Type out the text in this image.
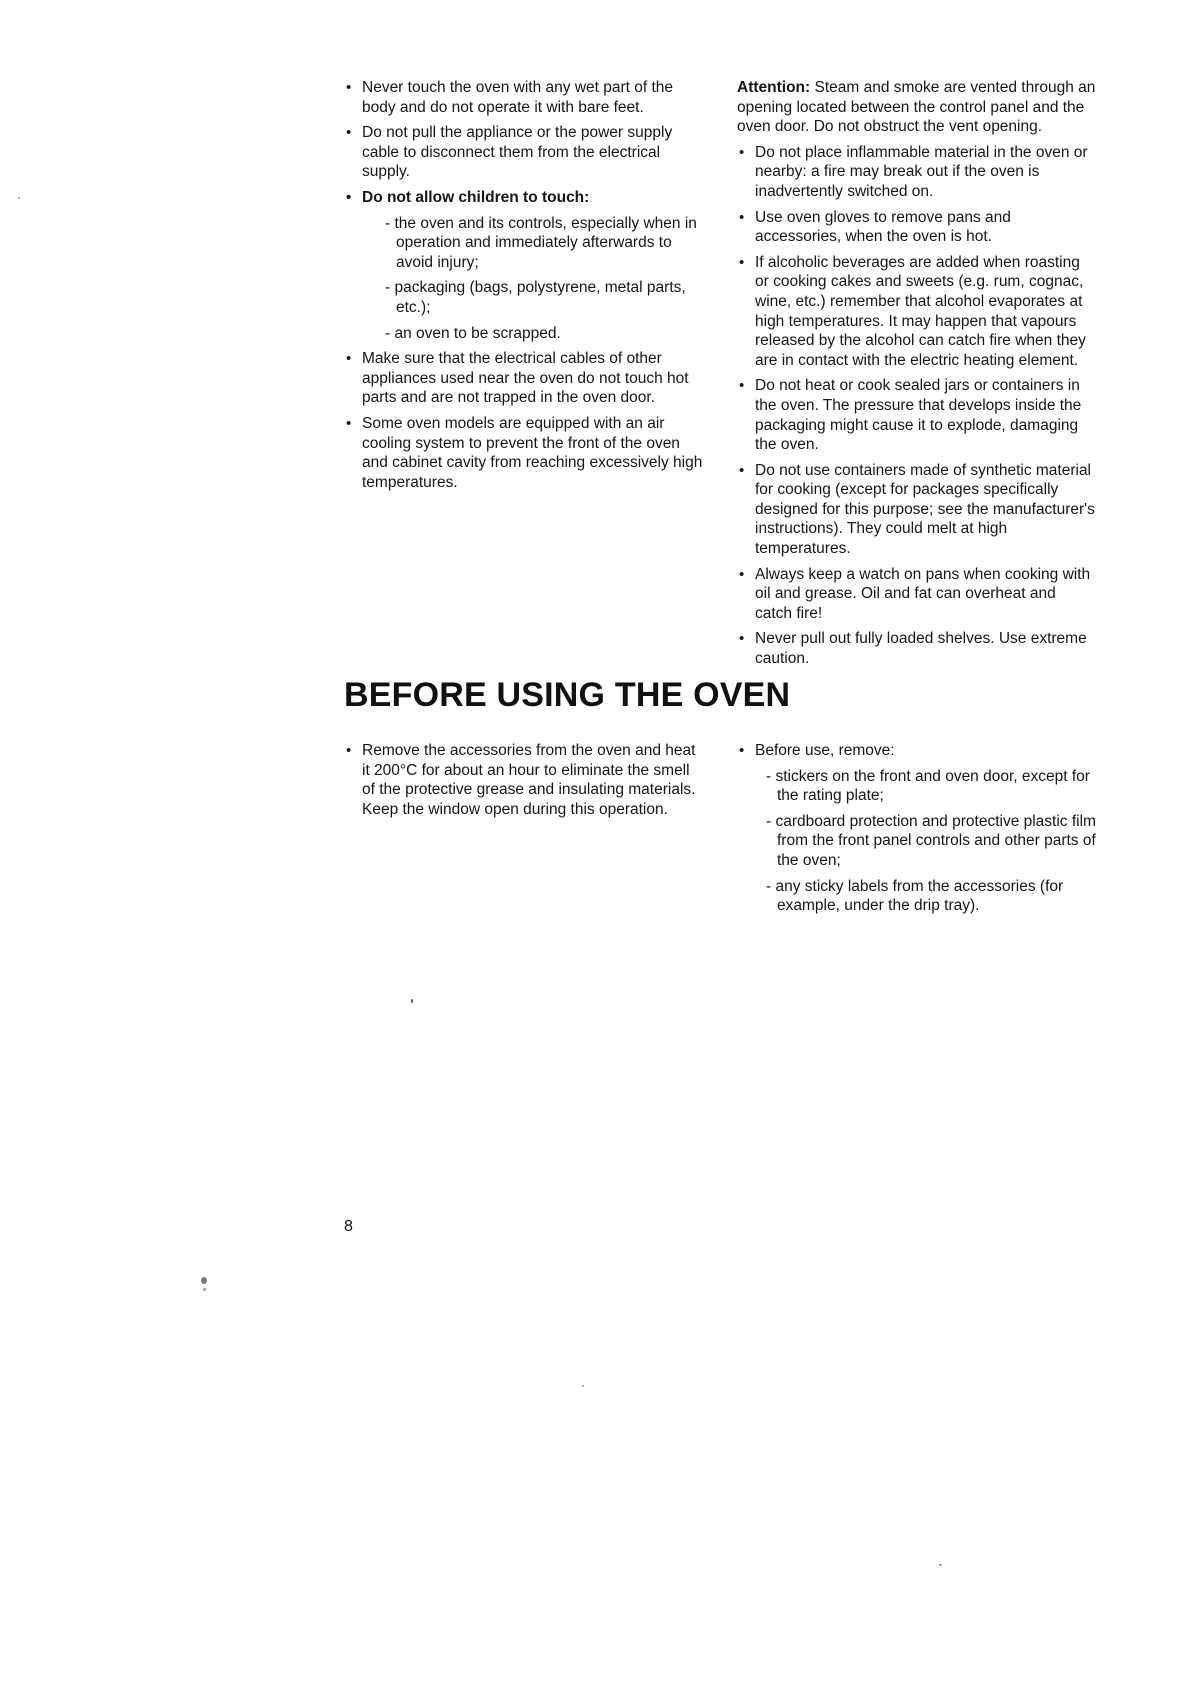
• Never touch the oven with any wet part of the body and do not operate it with bare feet.
• Do not pull the appliance or the power supply cable to disconnect them from the electrical supply.
• Do not allow children to touch:
- the oven and its controls, especially when in operation and immediately afterwards to avoid injury;
- packaging (bags, polystyrene, metal parts, etc.);
- an oven to be scrapped.
• Make sure that the electrical cables of other appliances used near the oven do not touch hot parts and are not trapped in the oven door.
• Some oven models are equipped with an air cooling system to prevent the front of the oven and cabinet cavity from reaching excessively high temperatures.

Attention: Steam and smoke are vented through an opening located between the control panel and the oven door. Do not obstruct the vent opening.

• Do not place inflammable material in the oven or nearby: a fire may break out if the oven is inadvertently switched on.
• Use oven gloves to remove pans and accessories, when the oven is hot.
• If alcoholic beverages are added when roasting or cooking cakes and sweets (e.g. rum, cognac, wine, etc.) remember that alcohol evaporates at high temperatures. It may happen that vapours released by the alcohol can catch fire when they are in contact with the electric heating element.
• Do not heat or cook sealed jars or containers in the oven. The pressure that develops inside the packaging might cause it to explode, damaging the oven.
• Do not use containers made of synthetic material for cooking (except for packages specifically designed for this purpose; see the manufacturer's instructions). They could melt at high temperatures.
• Always keep a watch on pans when cooking with oil and grease. Oil and fat can overheat and catch fire!
• Never pull out fully loaded shelves. Use extreme caution.
BEFORE USING THE OVEN
• Remove the accessories from the oven and heat it 200°C for about an hour to eliminate the smell of the protective grease and insulating materials. Keep the window open during this operation.
• Before use, remove:
- stickers on the front and oven door, except for the rating plate;
- cardboard protection and protective plastic film from the front panel controls and other parts of the oven;
- any sticky labels from the accessories (for example, under the drip tray).
8
